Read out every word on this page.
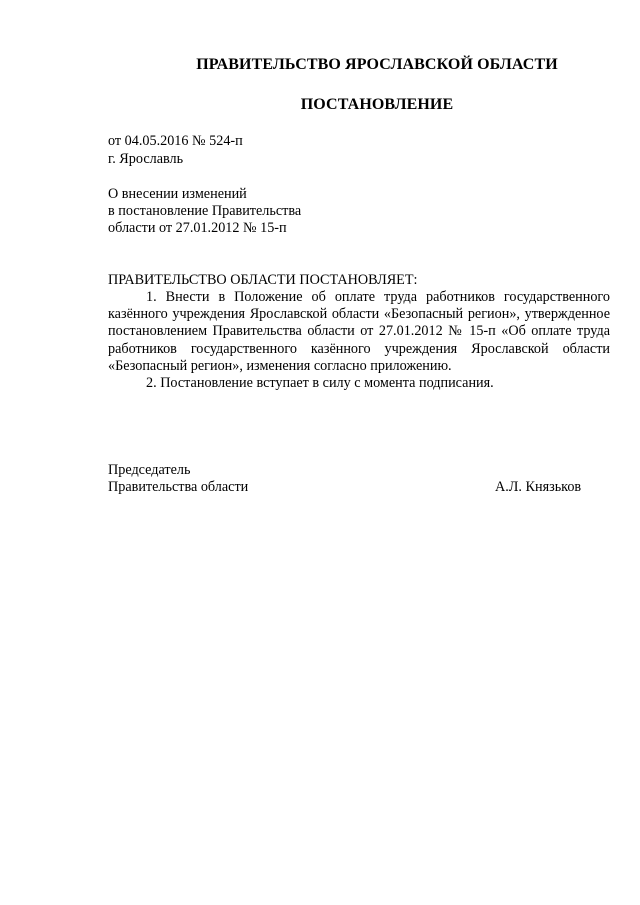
ПРАВИТЕЛЬСТВО ЯРОСЛАВСКОЙ ОБЛАСТИ
ПОСТАНОВЛЕНИЕ
от 04.05.2016 № 524-п
г. Ярославль
О внесении изменений
в постановление Правительства
области от 27.01.2012 № 15-п
ПРАВИТЕЛЬСТВО ОБЛАСТИ ПОСТАНОВЛЯЕТ:

1. Внести в Положение об оплате труда работников государственного казённого учреждения Ярославской области «Безопасный регион», утвержденное постановлением Правительства области от 27.01.2012 № 15-п «Об оплате труда работников государственного казённого учреждения Ярославской области «Безопасный регион», изменения согласно приложению.

2. Постановление вступает в силу с момента подписания.

Председатель
Правительства области	А.Л. Князьков
